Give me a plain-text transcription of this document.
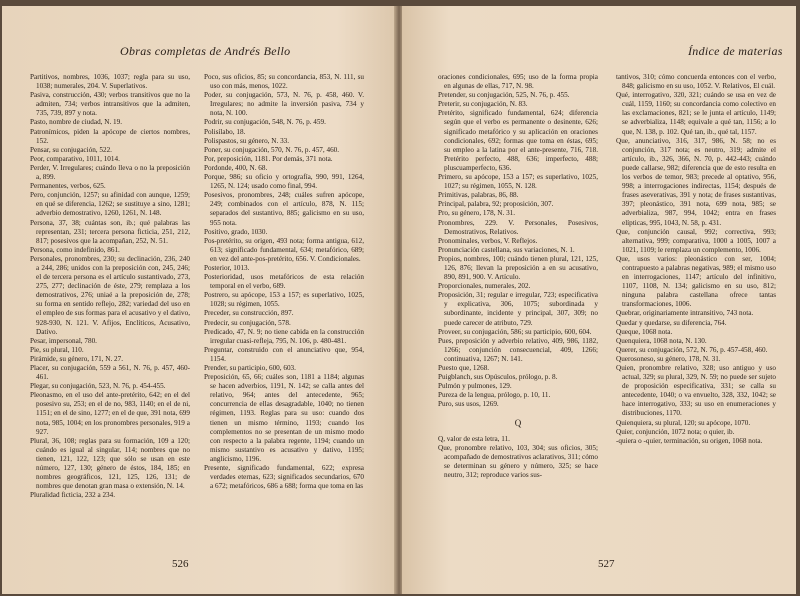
Obras completas de Andrés Bello

Partitivos, nombres, 1036, 1037; regla para su uso, 1038; numerales, 204. V. Superlativos.

Pasiva, construcción, 430; verbos transitivos que no la admiten, 734; verbos intransitivos que la admiten, 735, 739, 897 y nota.

Pasto, nombre de ciudad, N. 19.

Patronímicos, piden la apócope de ciertos nombres, 152.

Pensar, su conjugación, 522.

Peor, comparativo, 1011, 1014.

Perder, V. Irregulares; cuándo lleva o no la preposición a, 899.

Permanentes, verbos, 625.

Pero, conjunción, 1257; su afinidad con aunque, 1259; en qué se diferencia, 1262; se sustituye a sino, 1281; adverbio demostrativo, 1260, 1261, N. 148.

Persona, 37, 38; cuántas son, ib.; qué palabras las representan, 231; tercera persona ficticia, 251, 212, 817; posesivos que la acompañan, 252, N. 51.

Persona, como indefinido, 861.

Personales, pronombres, 230; su declinación, 236, 240 a 244, 286; unidos con la preposición con, 245, 246; el de tercera persona es el artículo sustantivado, 273, 275, 277; declinación de éste, 279; remplaza a los demostrativos, 276; uniaé a la preposición de, 278; su forma en sentido reflejo, 282; variedad del uso en el empleo de sus formas para el acusativo y el dativo, 928-930, N. 121. V. Afijos, Enclíticos, Acusativo, Dativo.

Pesar, impersonal, 780.

Pie, su plural, 110.

Pirámide, su género, 171, N. 27.

Placer, su conjugación, 559 a 561, N. 76, p. 457, 460-461.

Plegar, su conjugación, 523, N. 76, p. 454-455.

Pleonasmo, en el uso del ante-pretérito, 642; en el del posesivo su, 253; en el de no, 983, 1140; en el de ni, 1151; en el de sino, 1277; en el de que, 391 nota, 699 nota, 985, 1004; en los pronombres personales, 919 a 927.

Plural, 36, 108; reglas para su formación, 109 a 120; cuándo es igual al singular, 114; nombres que no tienen, 121, 122, 123; que sólo se usan en este número, 127, 130; género de éstos, 184, 185; en nombres geográficos, 121, 125, 126, 131; de nombres que denotan gran masa o extensión, N. 14.

Pluralidad ficticia, 232 a 234.

Poco, sus oficios, 85; su concordancia, 853, N. 111, su uso con más, menos, 1022.

Poder, su conjugación, 573, N. 76, p. 458, 460. V. Irregulares; no admite la inversión pasiva, 734 y nota, N. 100.

Podrir, su conjugación, 548, N. 76, p. 459.

Polisílabo, 18.

Polispastos, su género, N. 33.

Poner, su conjugación, 570, N. 76, p. 457, 460.

Por, preposición, 1181. Por demás, 371 nota.

Pordonde, 400, N. 68.

Porque, 986; su oficio y ortografía, 990, 991, 1264, 1265, N. 124; usado como final, 994.

Posesivos, pronombres, 248; cuáles sufren apócope, 249; combinados con el artículo, 878, N. 115; separados del sustantivo, 885; galicismo en su uso, 955 nota.

Positivo, grado, 1030.

Pos-pretérito, su origen, 493 nota; forma antigua, 612, 613; significado fundamental, 634; metafórico, 689; en vez del ante-pos-pretérito, 656. V. Condicionales.

Posterior, 1013.

Posterioridad, usos metafóricos de esta relación temporal en el verbo, 689.

Postrero, su apócope, 153 a 157; es superlativo, 1025, 1028; su régimen, 1055.

Preceder, su construcción, 897.

Predecir, su conjugación, 578.

Predicado, 47, N. 9; no tiene cabida en la construcción irregular cuasi-refleja, 795, N. 106, p. 480-481.

Preguntar, construido con el anunciativo que, 954, 1154.

Prender, su participio, 600, 603.

Preposición, 65, 66; cuáles son, 1181 a 1184; algunas se hacen adverbios, 1191, N. 142; se calla antes del relativo, 964; antes del antecedente, 965; concurrencia de ellas desagradable, 1040; no tienen régimen, 1193. Reglas para su uso: cuando dos tienen un mismo término, 1193; cuando los complementos no se presentan de un mismo modo con respecto a la palabra regente, 1194; cuando un mismo sustantivo es acusativo y dativo, 1195; anglicismo, 1196.

Presente, significado fundamental, 622; expresa verdades eternas, 623; significados secundarios, 670 a 672; metafóricos, 686 a 688; forma que toma en las

526
Índice de materias

oraciones condicionales, 695; uso de la forma propia en algunas de ellas, 717, N. 98.

Pretender, su conjugación, 525, N. 76, p. 455.

Preterir, su conjugación, N. 83.

Pretérito, significado fundamental, 624; diferencia según que el verbo es permanente o desinente, 626; significado metafórico y su aplicación en oraciones condicionales, 692; formas que toma en éstas, 695; su empleo a la latina por el ante-presente, 716, 718. Pretérito perfecto, 488, 636; imperfecto, 488; pluscuamperfecto, 636.

Primero, su apócope, 153 a 157; es superlativo, 1025, 1027; su régimen, 1055, N. 128.

Primitivas, palabras, 86, 88.

Principal, palabra, 92; proposición, 307.

Pro, su género, 178, N. 31.

Pronombres, 229. V. Personales, Posesivos, Demostrativos, Relativos.

Pronominales, verbos, V. Reflejos.

Pronunciación castellana, sus variaciones, N. 1.

Propios, nombres, 100; cuándo tienen plural, 121, 125, 126, 876; llevan la preposición a en su acusativo, 890, 891, 900. V. Artículo.

Proporcionales, numerales, 202.

Proposición, 31; regular e irregular, 723; especificativa y explicativa, 306, 1075; subordinada y subordinante, incidente y principal, 307, 309; no puede carecer de atributo, 729.

Proveer, su conjugación, 586; su participio, 600, 604.

Pues, preposición y adverbio relativo, 409, 986, 1182, 1266; conjunción consecuencial, 409, 1266; continuativa, 1267; N. 141.

Puesto que, 1268.

Puigblanch, sus Opúsculos, prólogo, p. 8.

Pulmón y pulmones, 129.

Pureza de la lengua, prólogo, p. 10, 11.

Puro, sus usos, 1269.

Q

Q, valor de esta letra, 11.

Que, pronombre relativo, 103, 304; sus oficios, 305; acompañado de demostrativos aclarativos, 311; cómo se determinan su género y número, 325; se hace neutro, 312; reproduce varios sus-

tantivos, 310; cómo concuerda entonces con el verbo, 848; galicismo en su uso, 1052. V. Relativos, El cuál.

Qué, interrogativo, 320, 321; cuándo se usa en vez de cuál, 1159, 1160; su concordancia como colectivo en las exclamaciones, 821; se le junta el artículo, 1149; se adverbializa, 1148; equivale a qué tan, 1156; a lo que, N. 138, p. 102. Qué tan, ib., qué tal, 1157.

Que, anunciativo, 316, 317, 986, N. 58; no es conjunción, 317 nota; es neutro, 319; admite el artículo, ib., 326, 366, N. 70, p. 442-443; cuándo puede callarse, 982; diferencia que de esto resulta en los verbos de temor, 983; precede al optativo, 956, 998; a interrogaciones indirectas, 1154; después de frases aseverativas, 391 y nota; de frases sustantivas, 397; pleonástico, 391 nota, 699 nota, 985; se adverbializa, 987, 994, 1042; entra en frases elípticas, 995, 1043, N. 58, p. 431.

Que, conjunción causal, 992; correctiva, 993; alternativa, 999; comparativa, 1000 a 1005, 1007 a 1021, 1109; le remplaza un complemento, 1006.

Que, usos varios: pleonástico con ser, 1004; contrapuesto a palabras negativas, 989; el mismo uso en interrogaciones, 1147; artículo del infinitivo, 1107, 1108, N. 134; galicismo en su uso, 812; ninguna palabra castellana ofrece tantas transformaciones, 1006.

Quebrar, originariamente intransitivo, 743 nota.

Quedar y quedarse, su diferencia, 764.

Queque, 1068 nota.

Quenquiera, 1068 nota, N. 130.

Querer, su conjugación, 572, N. 76, p. 457-458, 460.

Querosoneso, su género, 178, N. 31.

Quien, pronombre relativo, 328; uso antiguo y uso actual, 329; su plural, 329, N. 59; no puede ser sujeto de proposición especificativa, 331; se calla su antecedente, 1040; o va envuelto, 328, 332, 1042; se hace interrogativo, 333; su uso en enumeraciones y distribuciones, 1170.

Quienquiera, su plural, 120; su apócope, 1070.

Quier, conjunción, 1072 nota; o quier, ib.

-quiera o -quier, terminación, su origen, 1068 nota.

527
